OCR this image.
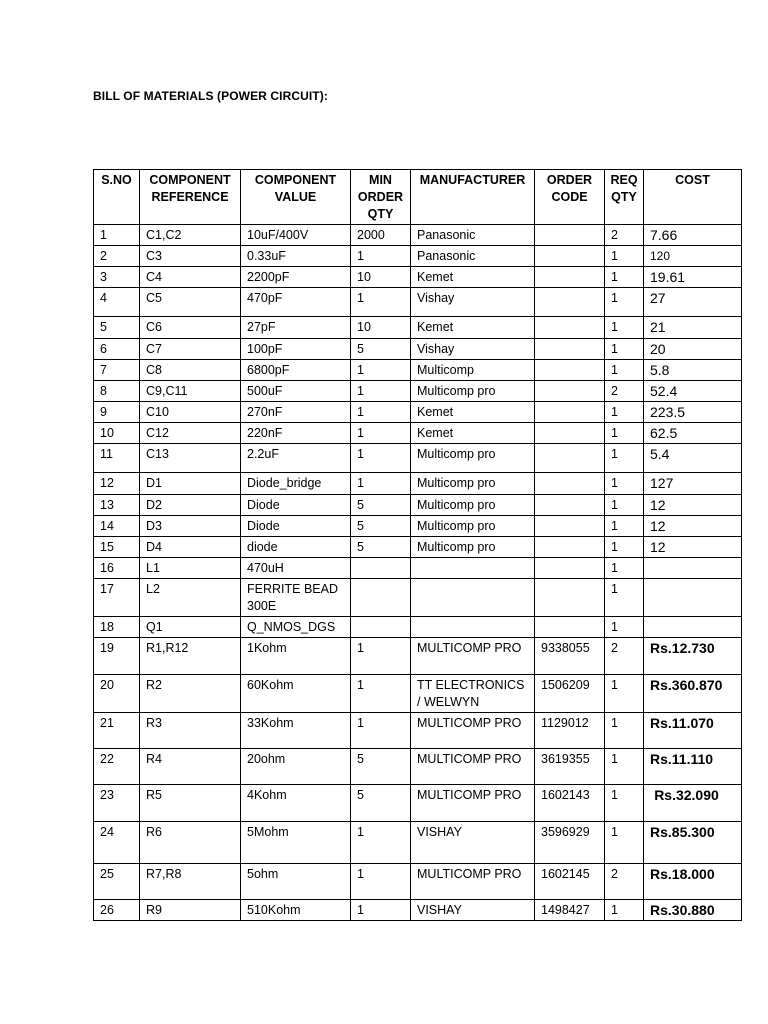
BILL OF MATERIALS (POWER CIRCUIT):
S.NO	COMPONENT REFERENCE	COMPONENT VALUE	MIN ORDER QTY	MANUFACTURER	ORDER CODE	REQ QTY	COST
1	C1,C2	10uF/400V	2000	Panasonic		2	7.66
2	C3	0.33uF	1	Panasonic		1	120
3	C4	2200pF	10	Kemet		1	19.61
4	C5	470pF	1	Vishay		1	27
5	C6	27pF	10	Kemet		1	21
6	C7	100pF	5	Vishay		1	20
7	C8	6800pF	1	Multicomp		1	5.8
8	C9,C11	500uF	1	Multicomp pro		2	52.4
9	C10	270nF	1	Kemet		1	223.5
10	C12	220nF	1	Kemet		1	62.5
11	C13	2.2uF	1	Multicomp pro		1	5.4
12	D1	Diode_bridge	1	Multicomp pro		1	127
13	D2	Diode	5	Multicomp pro		1	12
14	D3	Diode	5	Multicomp pro		1	12
15	D4	diode	5	Multicomp pro		1	12
16	L1	470uH				1	
17	L2	FERRITE BEAD 300E				1	
18	Q1	Q_NMOS_DGS				1	
19	R1,R12	1Kohm	1	MULTICOMP PRO	9338055	2	Rs.12.730
20	R2	60Kohm	1	TT ELECTRONICS / WELWYN	1506209	1	Rs.360.870
21	R3	33Kohm	1	MULTICOMP PRO	1129012	1	Rs.11.070
22	R4	20ohm	5	MULTICOMP PRO	3619355	1	Rs.11.110
23	R5	4Kohm	5	MULTICOMP PRO	1602143	1	Rs.32.090
24	R6	5Mohm	1	VISHAY	3596929	1	Rs.85.300
25	R7,R8	5ohm	1	MULTICOMP PRO	1602145	2	Rs.18.000
26	R9	510Kohm	1	VISHAY	1498427	1	Rs.30.880
